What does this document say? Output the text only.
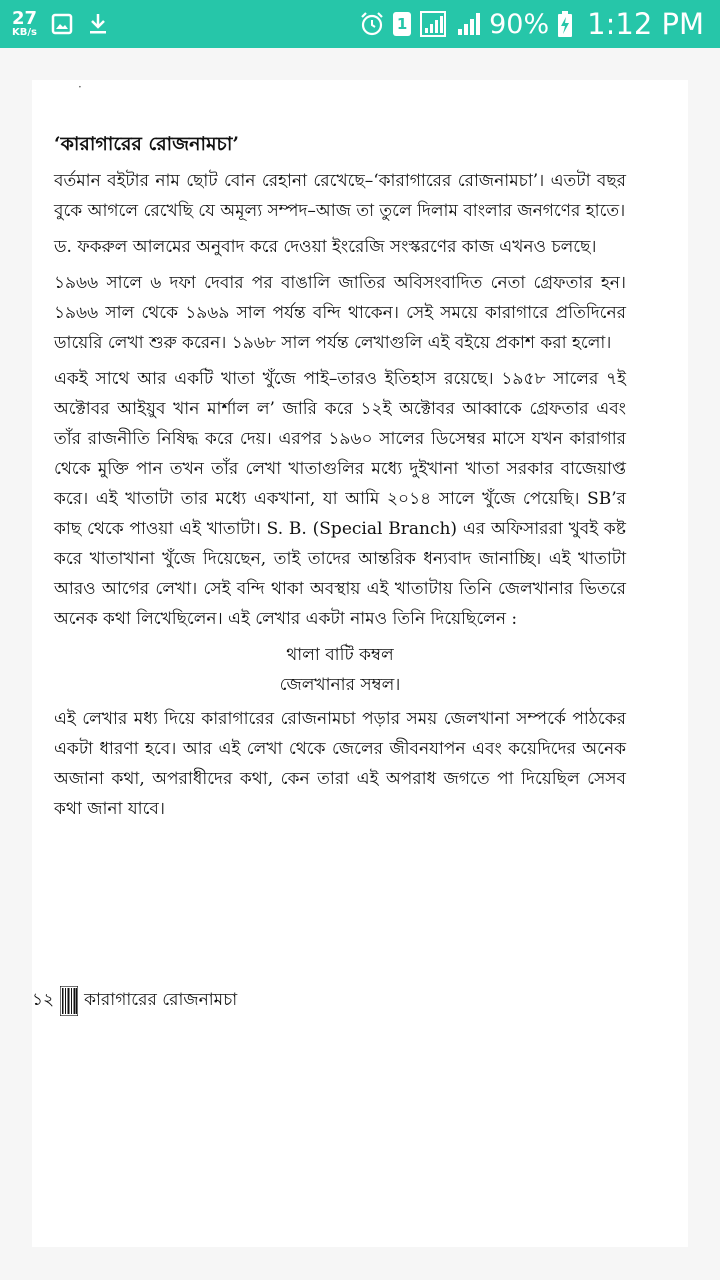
27
KB/s	1	90% 1:12 PM
·
‘কারাগারের রোজনামচা’

বর্তমান বইটার নাম ছোট বোন রেহানা রেখেছে–‘কারাগারের রোজনামচা’। এতটা বছর বুকে আগলে রেখেছি যে অমূল্য সম্পদ–আজ তা তুলে দিলাম বাংলার জনগণের হাতে।

ড. ফকরুল আলমের অনুবাদ করে দেওয়া ইংরেজি সংস্করণের কাজ এখনও চলছে।

১৯৬৬ সালে ৬ দফা দেবার পর বাঙালি জাতির অবিসংবাদিত নেতা গ্রেফতার হন। ১৯৬৬ সাল থেকে ১৯৬৯ সাল পর্যন্ত বন্দি থাকেন। সেই সময়ে কারাগারে প্রতিদিনের ডায়েরি লেখা শুরু করেন। ১৯৬৮ সাল পর্যন্ত লেখাগুলি এই বইয়ে প্রকাশ করা হলো।

একই সাথে আর একটি খাতা খুঁজে পাই–তারও ইতিহাস রয়েছে। ১৯৫৮ সালের ৭ই অক্টোবর আইয়ুব খান মার্শাল ল’ জারি করে ১২ই অক্টোবর আব্বাকে গ্রেফতার এবং তাঁর রাজনীতি নিষিদ্ধ করে দেয়। এরপর ১৯৬০ সালের ডিসেম্বর মাসে যখন কারাগার থেকে মুক্তি পান তখন তাঁর লেখা খাতাগুলির মধ্যে দুইখানা খাতা সরকার বাজেয়াপ্ত করে। এই খাতাটা তার মধ্যে একখানা, যা আমি ২০১৪ সালে খুঁজে পেয়েছি। SB’র কাছ থেকে পাওয়া এই খাতাটা। S. B. (Special Branch) এর অফিসাররা খুবই কষ্ট করে খাতাখানা খুঁজে দিয়েছেন, তাই তাদের আন্তরিক ধন্যবাদ জানাচ্ছি। এই খাতাটা আরও আগের লেখা। সেই বন্দি থাকা অবস্থায় এই খাতাটায় তিনি জেলখানার ভিতরে অনেক কথা লিখেছিলেন। এই লেখার একটা নামও তিনি দিয়েছিলেন :

থালা বাটি কম্বল
জেলখানার সম্বল।

এই লেখার মধ্য দিয়ে কারাগারের রোজনামচা পড়ার সময় জেলখানা সম্পর্কে পাঠকের একটা ধারণা হবে। আর এই লেখা থেকে জেলের জীবনযাপন এবং কয়েদিদের অনেক অজানা কথা, অপরাধীদের কথা, কেন তারা এই অপরাধ জগতে পা দিয়েছিল সেসব কথা জানা যাবে।

১২ কারাগারের রোজনামচা
